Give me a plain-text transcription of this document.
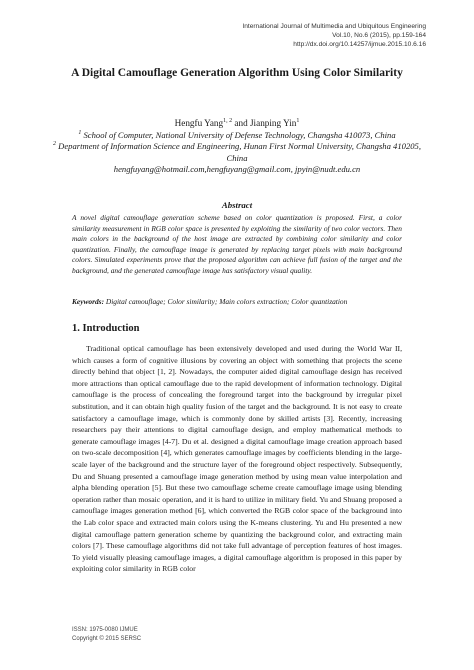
International Journal of Multimedia and Ubiquitous Engineering
Vol.10, No.6 (2015), pp.159-164
http://dx.doi.org/10.14257/ijmue.2015.10.6.16
A Digital Camouflage Generation Algorithm Using Color Similarity
Hengfu Yang$^{1, 2}$ and Jianping Yin$^1$
$^1$ School of Computer, National University of Defense Technology, Changsha 410073, China
$^2$ Department of Information Science and Engineering, Hunan First Normal University, Changsha 410205, China
hengfuyang@hotmail.com,hengfuyang@gmail.com, jpyin@nudt.edu.cn
Abstract

A novel digital camouflage generation scheme based on color quantization is proposed. First, a color similarity measurement in RGB color space is presented by exploiting the similarity of two color vectors. Then main colors in the background of the host image are extracted by combining color similarity and color quantization. Finally, the camouflage image is generated by replacing target pixels with main background colors. Simulated experiments prove that the proposed algorithm can achieve full fusion of the target and the background, and the generated camouflage image has satisfactory visual quality.

Keywords: Digital camouflage; Color similarity; Main colors extraction; Color quantization

1. Introduction

Traditional optical camouflage has been extensively developed and used during the World War II, which causes a form of cognitive illusions by covering an object with something that projects the scene directly behind that object [1, 2]. Nowadays, the computer aided digital camouflage design has received more attractions than optical camouflage due to the rapid development of information technology. Digital camouflage is the process of concealing the foreground target into the background by irregular pixel substitution, and it can obtain high quality fusion of the target and the background. It is not easy to create satisfactory a camouflage image, which is commonly done by skilled artists [3]. Recently, increasing researchers pay their attentions to digital camouflage design, and employ mathematical methods to generate camouflage images [4-7]. Du et al. designed a digital camouflage image creation approach based on two-scale decomposition [4], which generates camouflage images by coefficients blending in the large-scale layer of the background and the structure layer of the foreground object respectively. Subsequently, Du and Shuang presented a camouflage image generation method by using mean value interpolation and alpha blending operation [5]. But these two camouflage scheme create camouflage image using blending operation rather than mosaic operation, and it is hard to utilize in military field. Yu and Shuang proposed a camouflage images generation method [6], which converted the RGB color space of the background into the Lab color space and extracted main colors using the K-means clustering. Yu and Hu presented a new digital camouflage pattern generation scheme by quantizing the background color, and extracting main colors [7]. These camouflage algorithms did not take full advantage of perception features of host images. To yield visually pleasing camouflage images, a digital camouflage algorithm is proposed in this paper by exploiting color similarity in RGB color

ISSN: 1975-0080 IJMUE
Copyright © 2015 SERSC
